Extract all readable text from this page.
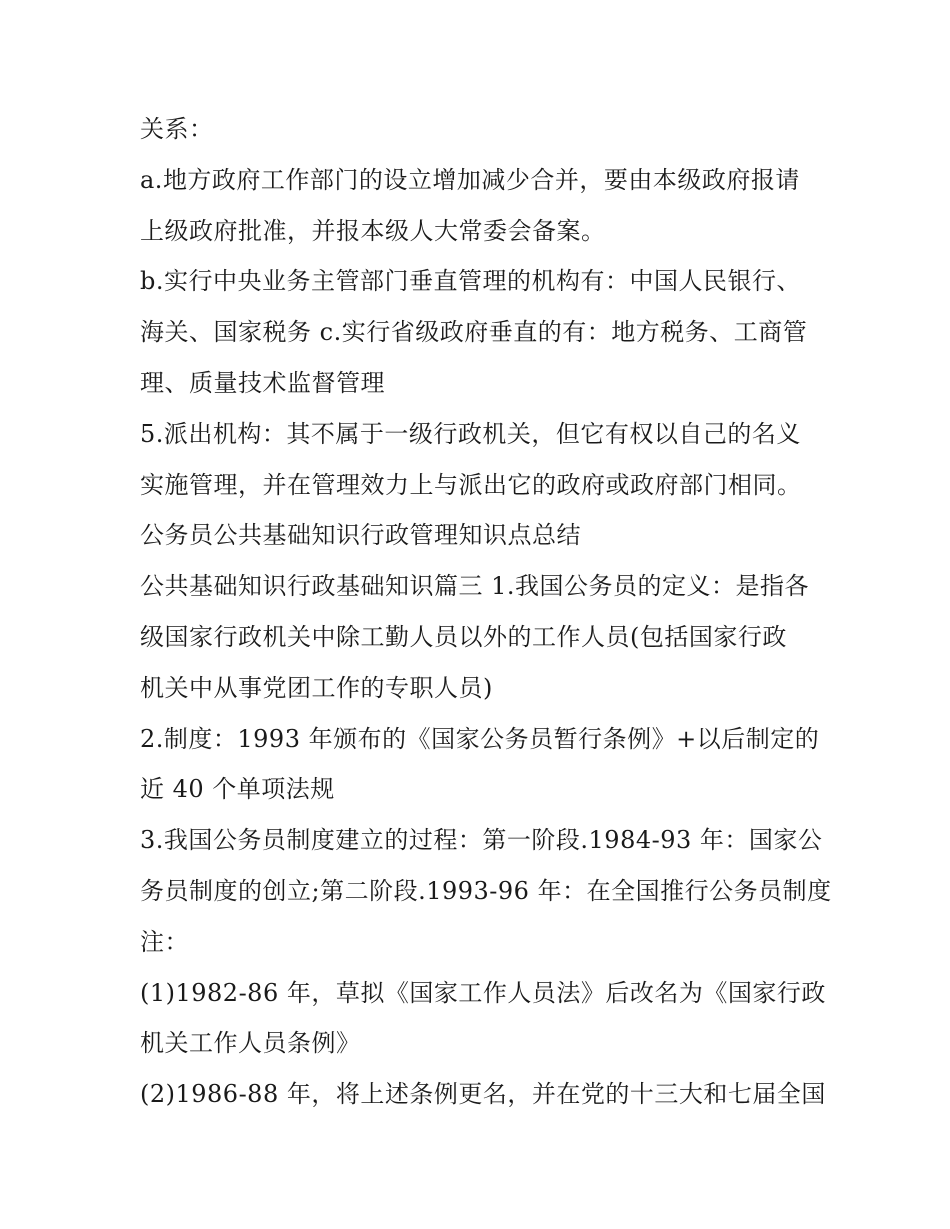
关系：
a.地方政府工作部门的设立增加减少合并，要由本级政府报请
上级政府批准，并报本级人大常委会备案。
b.实行中央业务主管部门垂直管理的机构有：中国人民银行、
海关、国家税务 c.实行省级政府垂直的有：地方税务、工商管
理、质量技术监督管理
5.派出机构：其不属于一级行政机关，但它有权以自己的名义
实施管理，并在管理效力上与派出它的政府或政府部门相同。
公务员公共基础知识行政管理知识点总结
公共基础知识行政基础知识篇三 1.我国公务员的定义：是指各
级国家行政机关中除工勤人员以外的工作人员(包括国家行政
机关中从事党团工作的专职人员)
2.制度：1993 年颁布的《国家公务员暂行条例》+以后制定的
近 40 个单项法规
3.我国公务员制度建立的过程：第一阶段.1984-93 年：国家公
务员制度的创立;第二阶段.1993-96 年：在全国推行公务员制度
注：
(1)1982-86 年，草拟《国家工作人员法》后改名为《国家行政
机关工作人员条例》
(2)1986-88 年，将上述条例更名，并在党的十三大和七届全国
